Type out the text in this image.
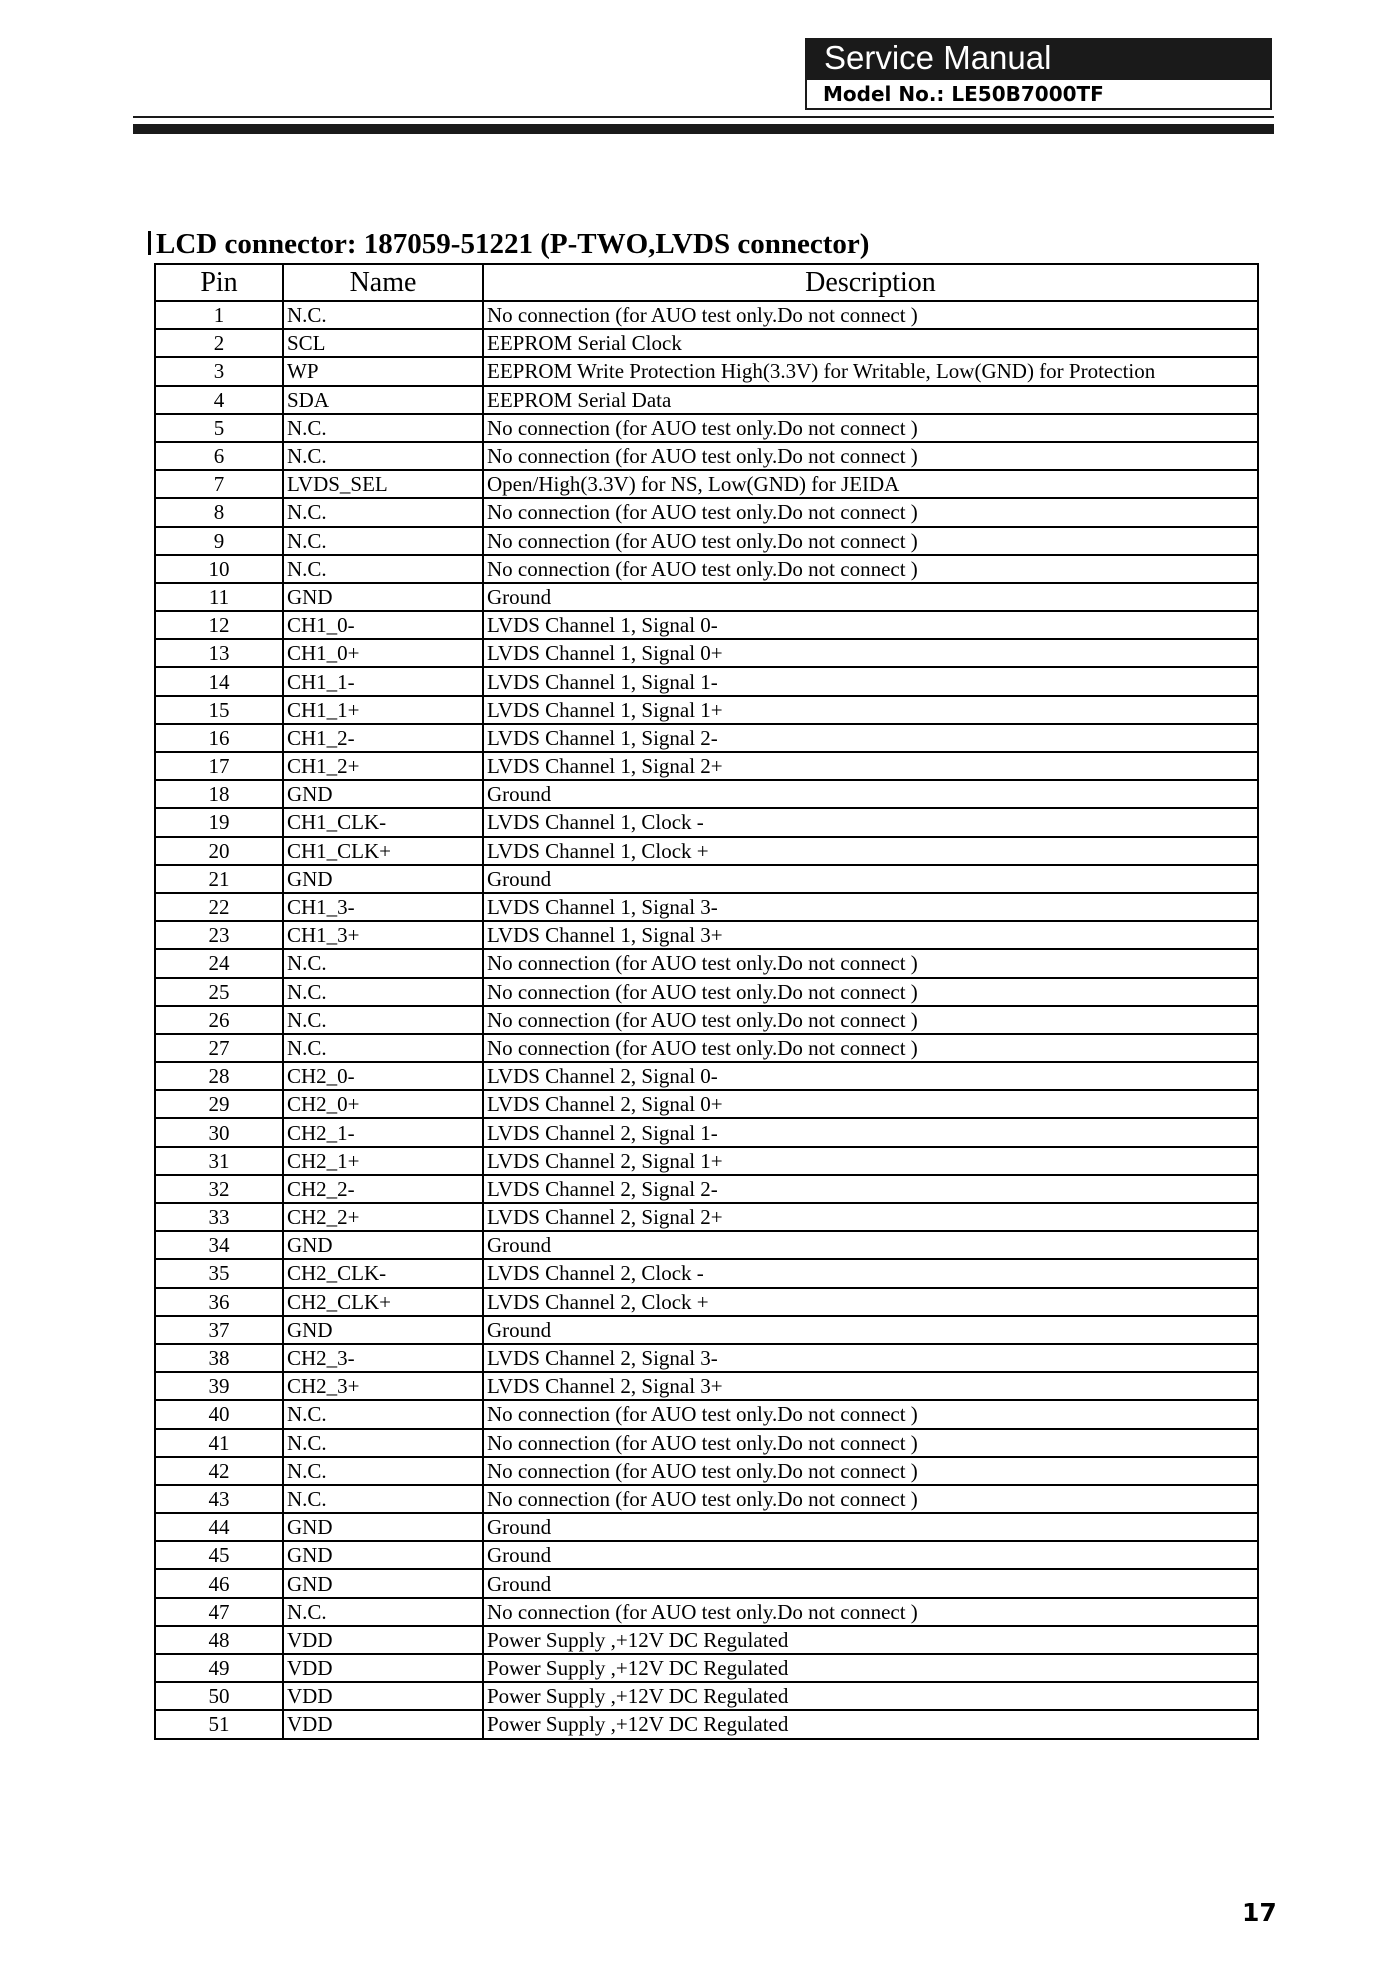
Service Manual
Model No.: LE50B7000TF
LCD connector: 187059-51221 (P-TWO,LVDS connector)
Pin	Name	Description
1	N.C.	No connection (for AUO test only.Do not connect )
2	SCL	EEPROM Serial Clock
3	WP	EEPROM Write Protection High(3.3V) for Writable, Low(GND) for Protection
4	SDA	EEPROM Serial Data
5	N.C.	No connection (for AUO test only.Do not connect )
6	N.C.	No connection (for AUO test only.Do not connect )
7	LVDS_SEL	Open/High(3.3V) for NS, Low(GND) for JEIDA
8	N.C.	No connection (for AUO test only.Do not connect )
9	N.C.	No connection (for AUO test only.Do not connect )
10	N.C.	No connection (for AUO test only.Do not connect )
11	GND	Ground
12	CH1_0-	LVDS Channel 1, Signal 0-
13	CH1_0+	LVDS Channel 1, Signal 0+
14	CH1_1-	LVDS Channel 1, Signal 1-
15	CH1_1+	LVDS Channel 1, Signal 1+
16	CH1_2-	LVDS Channel 1, Signal 2-
17	CH1_2+	LVDS Channel 1, Signal 2+
18	GND	Ground
19	CH1_CLK-	LVDS Channel 1, Clock -
20	CH1_CLK+	LVDS Channel 1, Clock +
21	GND	Ground
22	CH1_3-	LVDS Channel 1, Signal 3-
23	CH1_3+	LVDS Channel 1, Signal 3+
24	N.C.	No connection (for AUO test only.Do not connect )
25	N.C.	No connection (for AUO test only.Do not connect )
26	N.C.	No connection (for AUO test only.Do not connect )
27	N.C.	No connection (for AUO test only.Do not connect )
28	CH2_0-	LVDS Channel 2, Signal 0-
29	CH2_0+	LVDS Channel 2, Signal 0+
30	CH2_1-	LVDS Channel 2, Signal 1-
31	CH2_1+	LVDS Channel 2, Signal 1+
32	CH2_2-	LVDS Channel 2, Signal 2-
33	CH2_2+	LVDS Channel 2, Signal 2+
34	GND	Ground
35	CH2_CLK-	LVDS Channel 2, Clock -
36	CH2_CLK+	LVDS Channel 2, Clock +
37	GND	Ground
38	CH2_3-	LVDS Channel 2, Signal 3-
39	CH2_3+	LVDS Channel 2, Signal 3+
40	N.C.	No connection (for AUO test only.Do not connect )
41	N.C.	No connection (for AUO test only.Do not connect )
42	N.C.	No connection (for AUO test only.Do not connect )
43	N.C.	No connection (for AUO test only.Do not connect )
44	GND	Ground
45	GND	Ground
46	GND	Ground
47	N.C.	No connection (for AUO test only.Do not connect )
48	VDD	Power Supply ,+12V DC Regulated
49	VDD	Power Supply ,+12V DC Regulated
50	VDD	Power Supply ,+12V DC Regulated
51	VDD	Power Supply ,+12V DC Regulated
17
